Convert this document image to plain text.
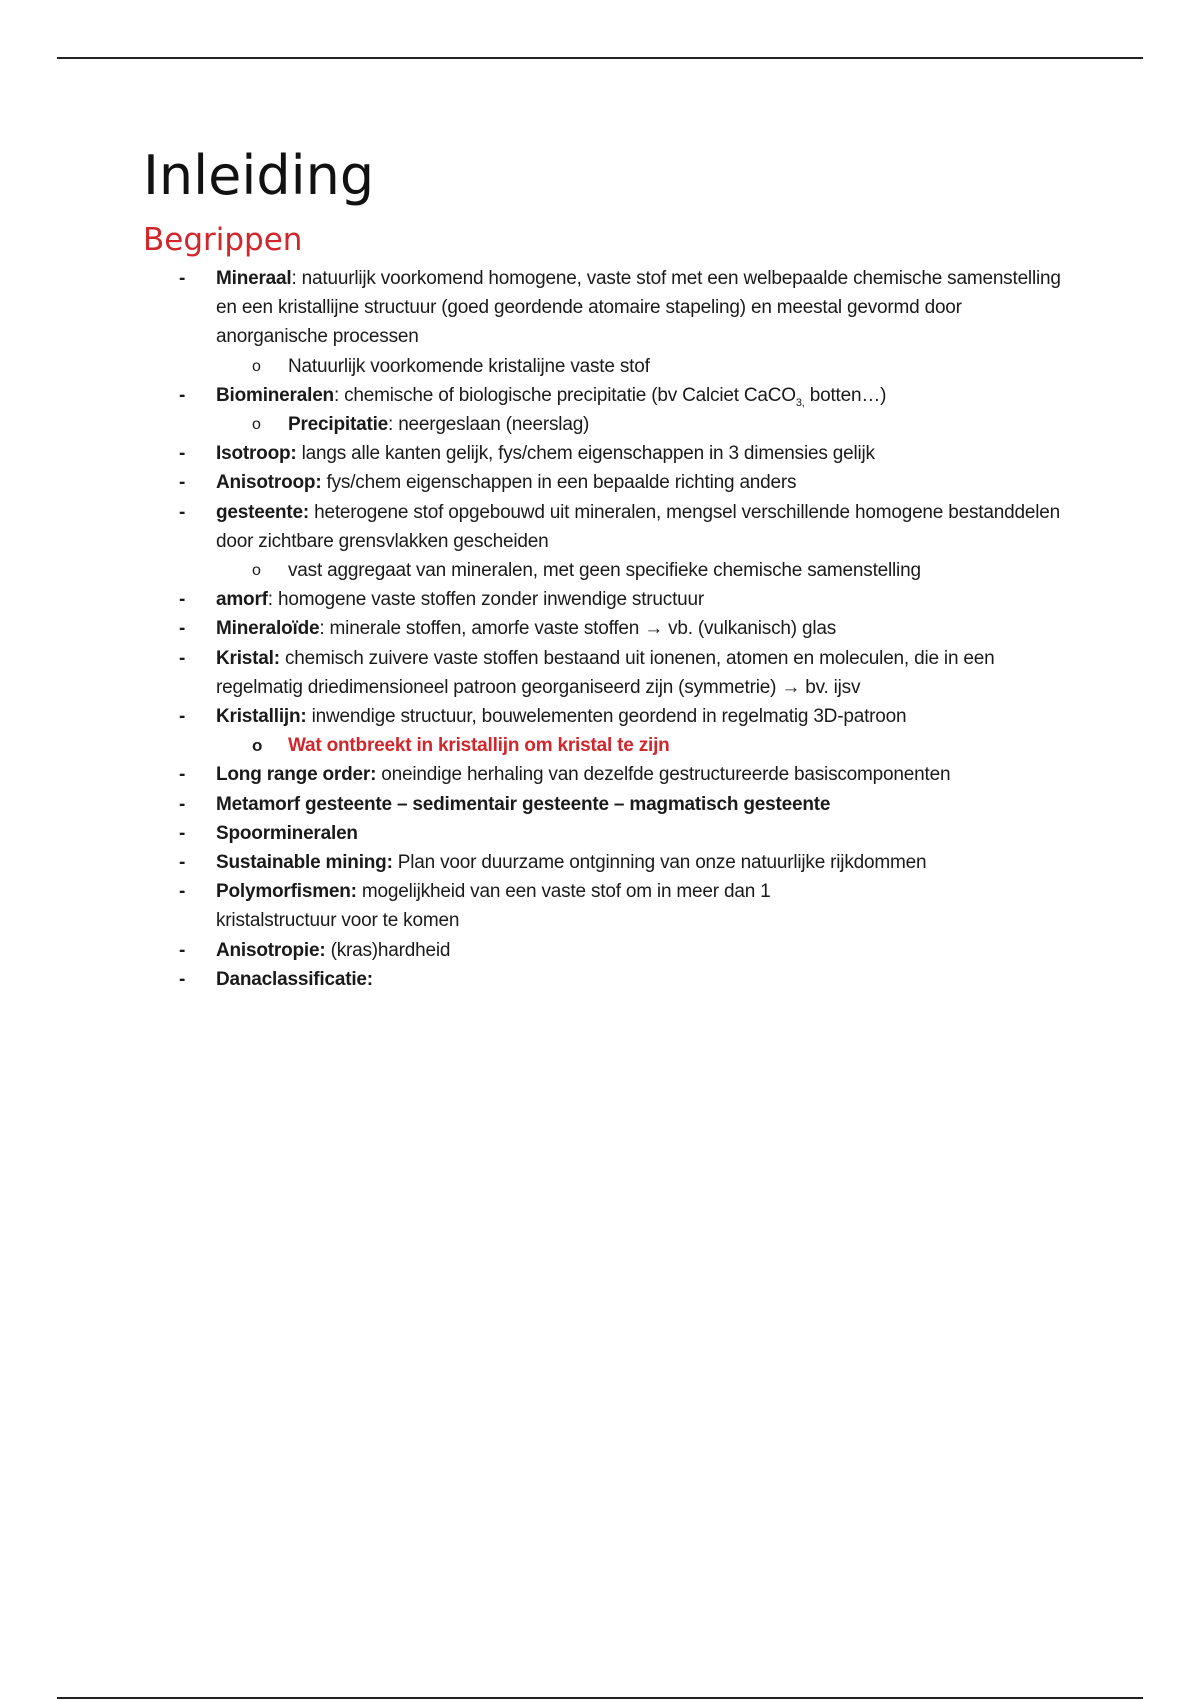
Inleiding
Begrippen
- Mineraal: natuurlijk voorkomend homogene, vaste stof met een welbepaalde chemische samenstelling en een kristallijne structuur (goed geordende atomaire stapeling) en meestal gevormd door anorganische processen
o Natuurlijk voorkomende kristalijne vaste stof
- Biomineralen: chemische of biologische precipitatie (bv Calciet CaCO$_{3,}$ botten…)
o Precipitatie: neergeslaan (neerslag)
- Isotroop: langs alle kanten gelijk, fys/chem eigenschappen in 3 dimensies gelijk
- Anisotroop: fys/chem eigenschappen in een bepaalde richting anders
- gesteente: heterogene stof opgebouwd uit mineralen, mengsel verschillende homogene bestanddelen door zichtbare grensvlakken gescheiden
o vast aggregaat van mineralen, met geen specifieke chemische samenstelling
- amorf: homogene vaste stoffen zonder inwendige structuur
- Mineraloïde: minerale stoffen, amorfe vaste stoffen → vb. (vulkanisch) glas
- Kristal: chemisch zuivere vaste stoffen bestaand uit ionenen, atomen en moleculen, die in een regelmatig driedimensioneel patroon georganiseerd zijn (symmetrie) → bv. ijsv
- Kristallijn: inwendige structuur, bouwelementen geordend in regelmatig 3D-patroon
o Wat ontbreekt in kristallijn om kristal te zijn
- Long range order: oneindige herhaling van dezelfde gestructureerde basiscomponenten
- Metamorf gesteente – sedimentair gesteente – magmatisch gesteente
- Spoormineralen
- Sustainable mining: Plan voor duurzame ontginning van onze natuurlijke rijkdommen
- Polymorfismen: mogelijkheid van een vaste stof om in meer dan 1 kristalstructuur voor te komen
- Anisotropie: (kras)hardheid
- Danaclassificatie:
